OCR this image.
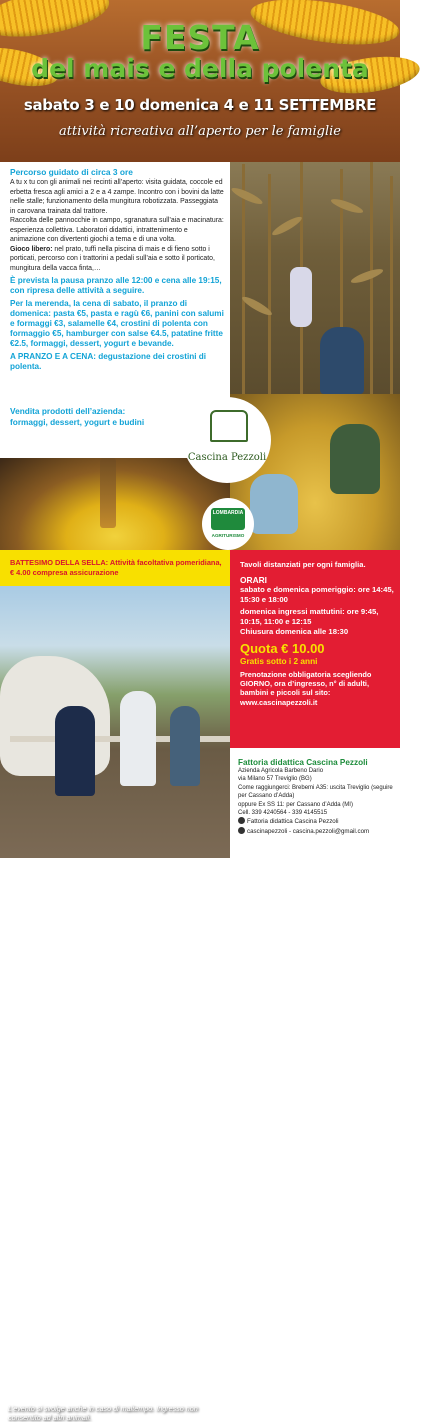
FESTA
del mais e della polenta
sabato 3 e 10 domenica 4 e 11 SETTEMBRE
attività ricreativa all’aperto per le famiglie
Percorso guidato di circa 3 ore

A tu x tu con gli animali nei recinti all’aperto: visita guidata, coccole ed erbetta fresca agli amici a 2 e a 4 zampe. Incontro con i bovini da latte nelle stalle; funzionamento della mungitura robotizzata. Passeggiata in carovana trainata dal trattore.

Raccolta delle pannocchie in campo, sgranatura sull’aia e macinatura: esperienza collettiva. Laboratori didattici, intrattenimento e animazione con divertenti giochi a tema e di una volta.

Gioco libero: nel prato, tuffi nella piscina di mais e di fieno sotto i porticati, percorso con i trattorini a pedali sull’aia e sotto il porticato, mungitura della vacca finta,…

È prevista la pausa pranzo alle 12:00 e cena alle 19:15, con ripresa delle attività a seguire.
Per la merenda, la cena di sabato, il pranzo di domenica: pasta €5, pasta e ragù €6, panini con salumi e formaggi €3, salamelle €4, crostini di polenta con formaggio €5, hamburger con salse €4.5, patatine fritte €2.5, formaggi, dessert, yogurt e bevande.
A PRANZO E A CENA: degustazione dei crostini di polenta.
Vendita prodotti dell’azienda: formaggi, dessert, yogurt e budini
Cascina Pezzoli
LOMBARDIA
AGRITURISMO
BATTESIMO DELLA SELLA: Attività facoltativa pomeridiana, € 4.00 compresa assicurazione
L’evento si svolge anche in caso di maltempo. Ingresso non consentito ad altri animali.
Tavoli distanziati per ogni famiglia.
ORARI
sabato e domenica pomeriggio: ore 14:45, 15:30 e 18:00
domenica ingressi mattutini: ore 9:45, 10:15, 11:00 e 12:15
Chiusura domenica alle 18:30
Quota € 10.00
Gratis sotto i 2 anni
Prenotazione obbligatoria scegliendo GIORNO, ora d’ingresso, n° di adulti, bambini e piccoli sul sito: www.cascinapezzoli.it
Fattoria didattica Cascina Pezzoli
Azienda Agricola Barbeno Dario
via Milano 57 Treviglio (BG)
Come raggiungerci: Brebemi A35: uscita Treviglio (seguire per Cassano d’Adda)
oppure Ex SS 11: per Cassano d’Adda (MI)
Cell. 339 4240564 - 339 4145515
Fattoria didattica Cascina Pezzoli
cascinapezzoli - cascina.pezzoli@gmail.com
